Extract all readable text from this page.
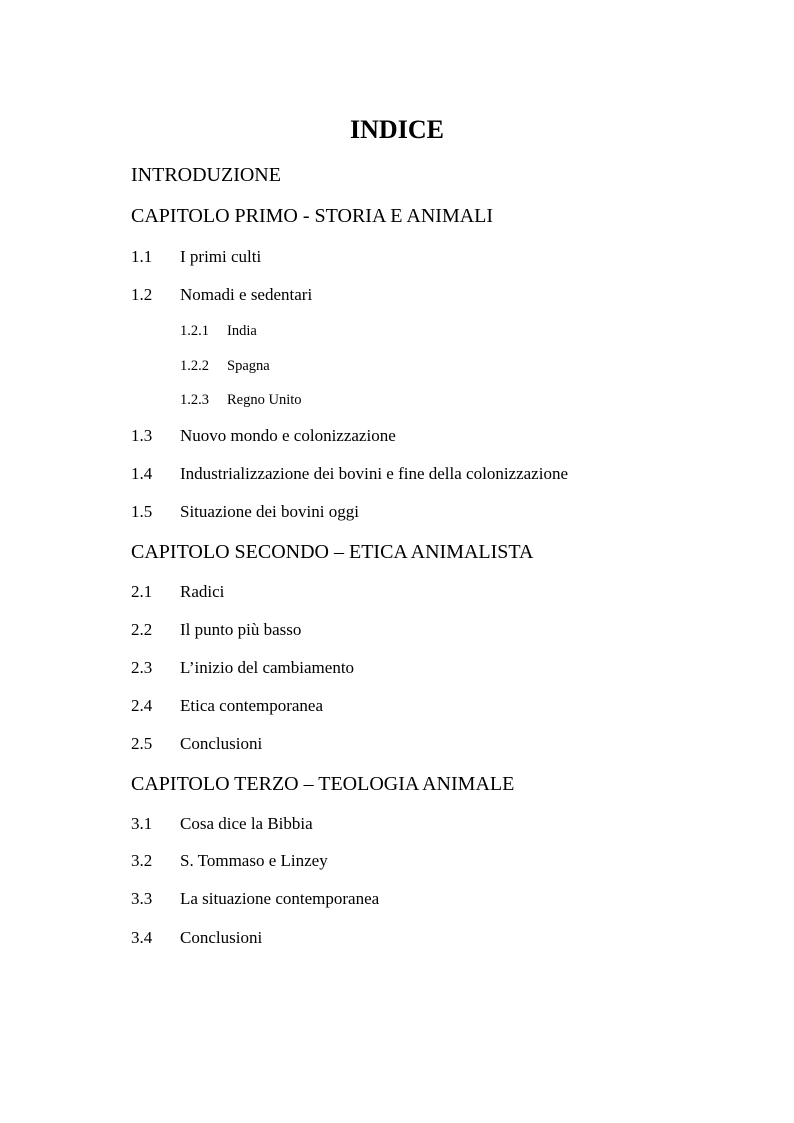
INDICE
INTRODUZIONE
CAPITOLO PRIMO - STORIA E ANIMALI
1.1 I primi culti
1.2 Nomadi e sedentari
1.2.1 India
1.2.2 Spagna
1.2.3 Regno Unito
1.3 Nuovo mondo e colonizzazione
1.4 Industrializzazione dei bovini e fine della colonizzazione
1.5 Situazione dei bovini oggi
CAPITOLO SECONDO – ETICA ANIMALISTA
2.1 Radici
2.2 Il punto più basso
2.3 L’inizio del cambiamento
2.4 Etica contemporanea
2.5 Conclusioni
CAPITOLO TERZO – TEOLOGIA ANIMALE
3.1 Cosa dice la Bibbia
3.2 S. Tommaso e Linzey
3.3 La situazione contemporanea
3.4 Conclusioni
